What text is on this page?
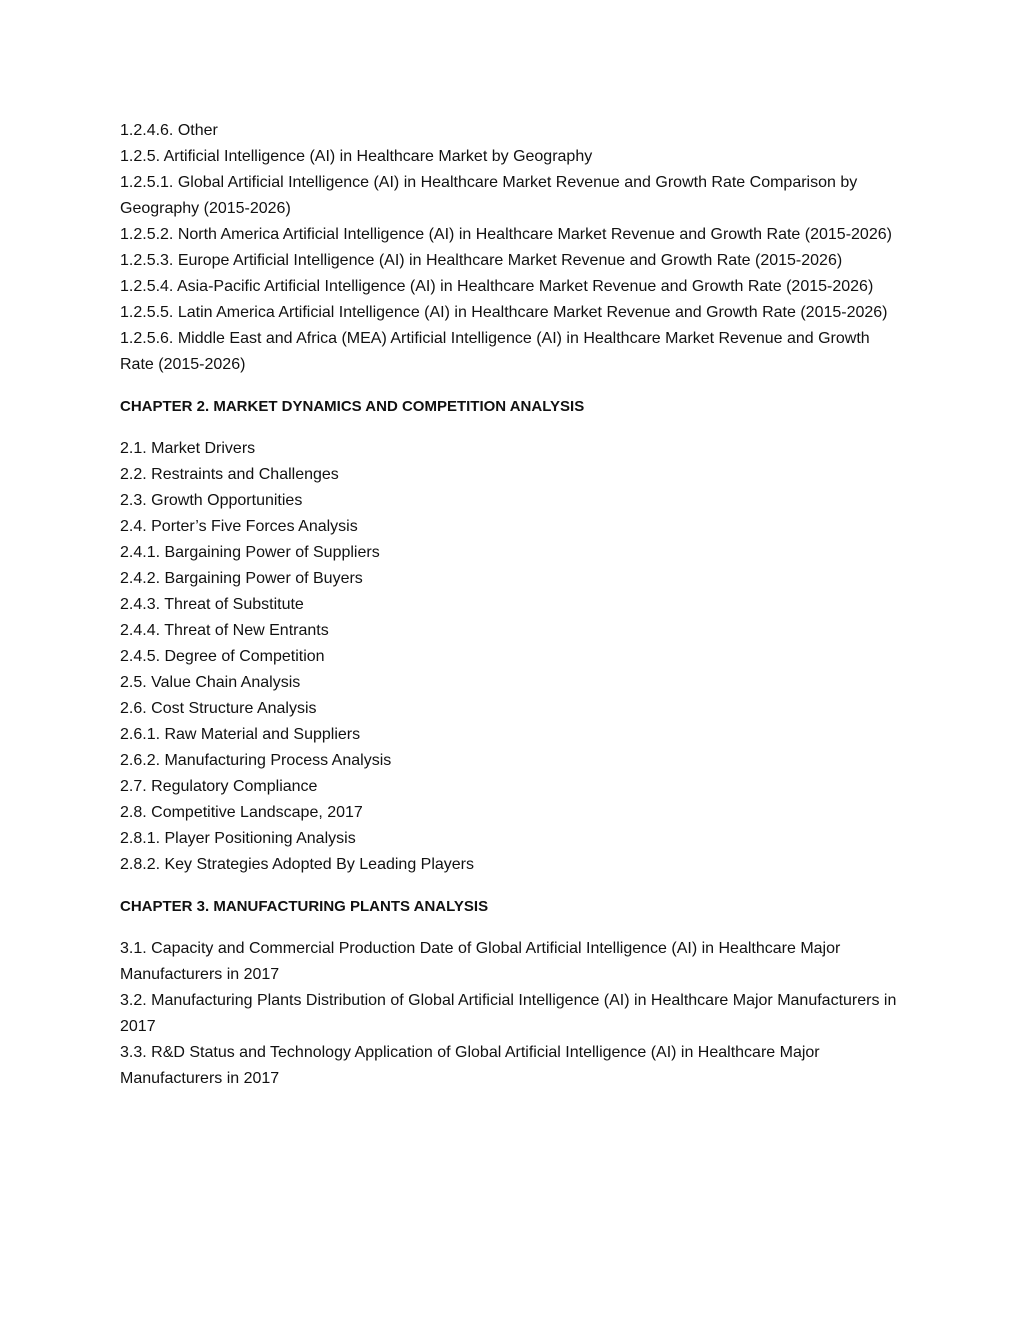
1.2.4.6. Other

1.2.5. Artificial Intelligence (AI) in Healthcare Market by Geography

1.2.5.1. Global Artificial Intelligence (AI) in Healthcare Market Revenue and Growth Rate Comparison by Geography (2015-2026)

1.2.5.2. North America Artificial Intelligence (AI) in Healthcare Market Revenue and Growth Rate (2015-2026)

1.2.5.3. Europe Artificial Intelligence (AI) in Healthcare Market Revenue and Growth Rate (2015-2026)

1.2.5.4. Asia-Pacific Artificial Intelligence (AI) in Healthcare Market Revenue and Growth Rate (2015-2026)

1.2.5.5. Latin America Artificial Intelligence (AI) in Healthcare Market Revenue and Growth Rate (2015-2026)

1.2.5.6. Middle East and Africa (MEA) Artificial Intelligence (AI) in Healthcare Market Revenue and Growth Rate (2015-2026)

CHAPTER 2. MARKET DYNAMICS AND COMPETITION ANALYSIS

2.1. Market Drivers

2.2. Restraints and Challenges

2.3. Growth Opportunities

2.4. Porter’s Five Forces Analysis

2.4.1. Bargaining Power of Suppliers

2.4.2. Bargaining Power of Buyers

2.4.3. Threat of Substitute

2.4.4. Threat of New Entrants

2.4.5. Degree of Competition

2.5. Value Chain Analysis

2.6. Cost Structure Analysis

2.6.1. Raw Material and Suppliers

2.6.2. Manufacturing Process Analysis

2.7. Regulatory Compliance

2.8. Competitive Landscape, 2017

2.8.1. Player Positioning Analysis

2.8.2. Key Strategies Adopted By Leading Players

CHAPTER 3. MANUFACTURING PLANTS ANALYSIS

3.1. Capacity and Commercial Production Date of Global Artificial Intelligence (AI) in Healthcare Major Manufacturers in 2017

3.2. Manufacturing Plants Distribution of Global Artificial Intelligence (AI) in Healthcare Major Manufacturers in 2017

3.3. R&D Status and Technology Application of Global Artificial Intelligence (AI) in Healthcare Major Manufacturers in 2017
